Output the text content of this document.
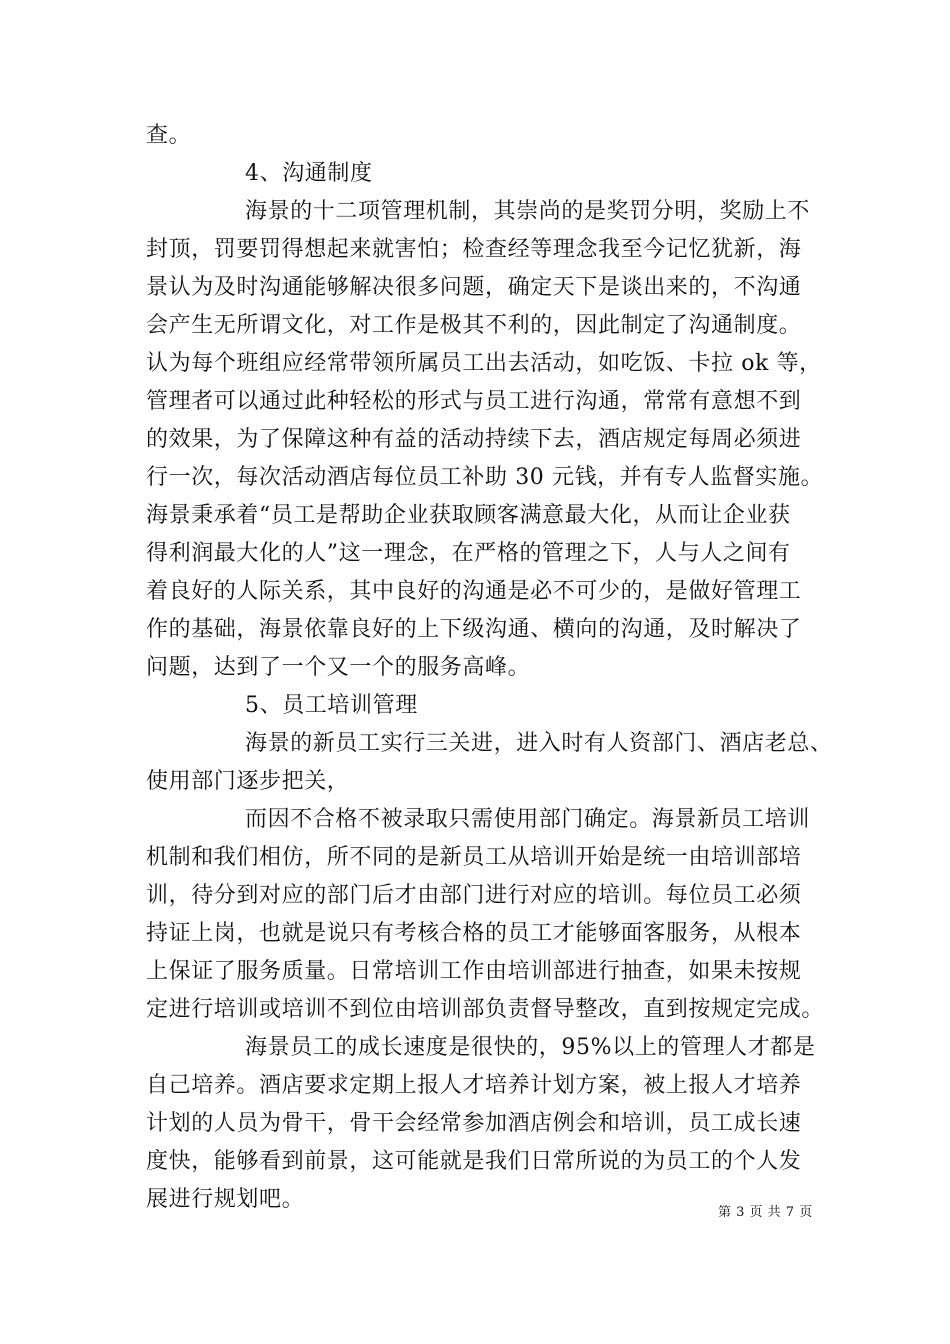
查。
4、沟通制度
海景的十二项管理机制，其崇尚的是奖罚分明，奖励上不
封顶，罚要罚得想起来就害怕；检查经等理念我至今记忆犹新，海
景认为及时沟通能够解决很多问题，确定天下是谈出来的，不沟通
会产生无所谓文化，对工作是极其不利的，因此制定了沟通制度。
认为每个班组应经常带领所属员工出去活动，如吃饭、卡拉 ok 等，
管理者可以通过此种轻松的形式与员工进行沟通，常常有意想不到
的效果，为了保障这种有益的活动持续下去，酒店规定每周必须进
行一次，每次活动酒店每位员工补助 30 元钱，并有专人监督实施。
海景秉承着“员工是帮助企业获取顾客满意最大化，从而让企业获
得利润最大化的人”这一理念，在严格的管理之下，人与人之间有
着良好的人际关系，其中良好的沟通是必不可少的，是做好管理工
作的基础，海景依靠良好的上下级沟通、横向的沟通，及时解决了
问题，达到了一个又一个的服务高峰。
5、员工培训管理
海景的新员工实行三关进，进入时有人资部门、酒店老总、
使用部门逐步把关，
而因不合格不被录取只需使用部门确定。海景新员工培训
机制和我们相仿，所不同的是新员工从培训开始是统一由培训部培
训，待分到对应的部门后才由部门进行对应的培训。每位员工必须
持证上岗，也就是说只有考核合格的员工才能够面客服务，从根本
上保证了服务质量。日常培训工作由培训部进行抽查，如果未按规
定进行培训或培训不到位由培训部负责督导整改，直到按规定完成。
海景员工的成长速度是很快的，95%以上的管理人才都是
自己培养。酒店要求定期上报人才培养计划方案，被上报人才培养
计划的人员为骨干，骨干会经常参加酒店例会和培训，员工成长速
度快，能够看到前景，这可能就是我们日常所说的为员工的个人发
展进行规划吧。
第 3 页 共 7 页
